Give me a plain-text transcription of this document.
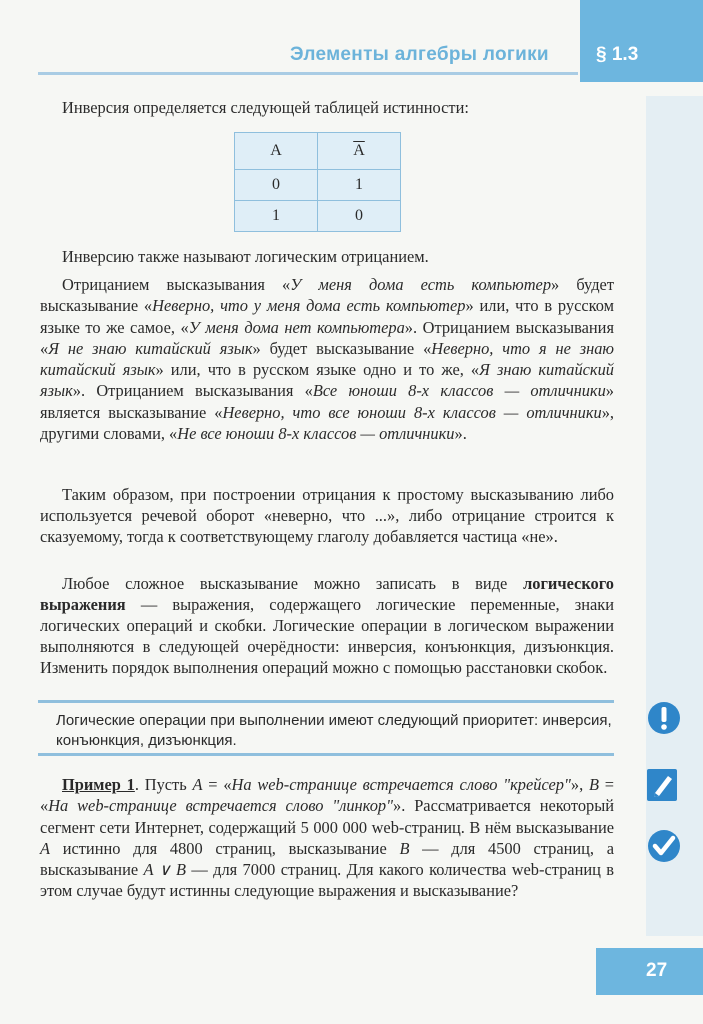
Элементы алгебры логики § 1.3
Инверсия определяется следующей таблицей истинности:
A	$\overline{A}$
0	1
1	0

Инверсию также называют логическим отрицанием.

Отрицанием высказывания «У меня дома есть компьютер» будет высказывание «Неверно, что у меня дома есть компьютер» или, что в русском языке то же самое, «У меня дома нет компьютера». Отрицанием высказывания «Я не знаю китайский язык» будет высказывание «Неверно, что я не знаю китайский язык» или, что в русском языке одно и то же, «Я знаю китайский язык». Отрицанием высказывания «Все юноши 8-х классов — отличники» является высказывание «Неверно, что все юноши 8-х классов — отличники», другими словами, «Не все юноши 8-х классов — отличники».

Таким образом, при построении отрицания к простому высказыванию либо используется речевой оборот «неверно, что ...», либо отрицание строится к сказуемому, тогда к соответствующему глаголу добавляется частица «не».

Любое сложное высказывание можно записать в виде логического выражения — выражения, содержащего логические переменные, знаки логических операций и скобки. Логические операции в логическом выражении выполняются в следующей очерёдности: инверсия, конъюнкция, дизъюнкция. Изменить порядок выполнения операций можно с помощью расстановки скобок.

Логические операции при выполнении имеют следующий приоритет: инверсия, конъюнкция, дизъюнкция.

Пример 1. Пусть A = «На web-странице встречается слово "крейсер"», B = «На web-странице встречается слово "линкор"». Рассматривается некоторый сегмент сети Интернет, содержащий 5 000 000 web-страниц. В нём высказывание A истинно для 4800 страниц, высказывание B — для 4500 страниц, а высказывание A ∨ B — для 7000 страниц. Для какого количества web-страниц в этом случае будут истинны следующие выражения и высказывание?

27
